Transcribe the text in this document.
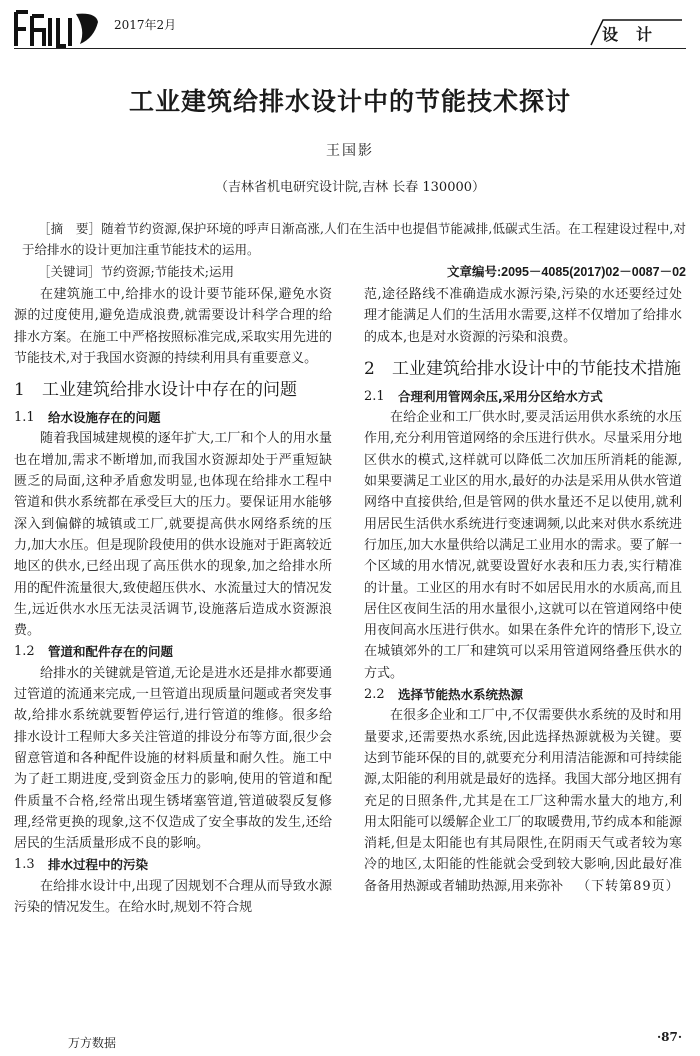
2017年2月	设计
工业建筑给排水设计中的节能技术探讨
王国影
（吉林省机电研究设计院,吉林 长春 130000）
［摘　要］随着节约资源,保护环境的呼声日渐高涨,人们在生活中也提倡节能减排,低碳式生活。在工程建设过程中,对于给排水的设计更加注重节能技术的运用。
［关键词］节约资源;节能技术;运用	文章编号:2095－4085(2017)02－0087－02

在建筑施工中,给排水的设计要节能环保,避免水资源的过度使用,避免造成浪费,就需要设计科学合理的给排水方案。在施工中严格按照标准完成,采取实用先进的节能技术,对于我国水资源的持续利用具有重要意义。

1	工业建筑给排水设计中存在的问题
1.1	给水设施存在的问题

随着我国城建规模的逐年扩大,工厂和个人的用水量也在增加,需求不断增加,而我国水资源却处于严重短缺匮乏的局面,这种矛盾愈发明显,也体现在给排水工程中管道和供水系统都在承受巨大的压力。要保证用水能够深入到偏僻的城镇或工厂,就要提高供水网络系统的压力,加大水压。但是现阶段使用的供水设施对于距离较近地区的供水,已经出现了高压供水的现象,加之给排水所用的配件流量很大,致使超压供水、水流量过大的情况发生,远近供水水压无法灵活调节,设施落后造成水资源浪费。

1.2	管道和配件存在的问题

给排水的关键就是管道,无论是进水还是排水都要通过管道的流通来完成,一旦管道出现质量问题或者突发事故,给排水系统就要暂停运行,进行管道的维修。很多给排水设计工程师大多关注管道的排设分布等方面,很少会留意管道和各种配件设施的材料质量和耐久性。施工中为了赶工期进度,受到资金压力的影响,使用的管道和配件质量不合格,经常出现生锈堵塞管道,管道破裂反复修理,经常更换的现象,这不仅造成了安全事故的发生,还给居民的生活质量形成不良的影响。

1.3	排水过程中的污染

在给排水设计中,出现了因规划不合理从而导致水源污染的情况发生。在给水时,规划不符合规

范,途径路线不准确造成水源污染,污染的水还要经过处理才能满足人们的生活用水需要,这样不仅增加了给排水的成本,也是对水资源的污染和浪费。

2	工业建筑给排水设计中的节能技术措施
2.1	合理利用管网余压,采用分区给水方式

在给企业和工厂供水时,要灵活运用供水系统的水压作用,充分利用管道网络的余压进行供水。尽量采用分地区供水的模式,这样就可以降低二次加压所消耗的能源,如果要满足工业区的用水,最好的办法是采用从供水管道网络中直接供给,但是管网的供水量还不足以使用,就利用居民生活供水系统进行变速调频,以此来对供水系统进行加压,加大水量供给以满足工业用水的需求。要了解一个区域的用水情况,就要设置好水表和压力表,实行精准的计量。工业区的用水有时不如居民用水的水质高,而且居住区夜间生活的用水量很小,这就可以在管道网络中使用夜间高水压进行供水。如果在条件允许的情形下,设立在城镇郊外的工厂和建筑可以采用管道网络叠压供水的方式。

2.2	选择节能热水系统热源

在很多企业和工厂中,不仅需要供水系统的及时和用量要求,还需要热水系统,因此选择热源就极为关键。要达到节能环保的目的,就要充分利用清洁能源和可持续能源,太阳能的利用就是最好的选择。我国大部分地区拥有充足的日照条件,尤其是在工厂这种需水量大的地方,利用太阳能可以缓解企业工厂的取暖费用,节约成本和能源消耗,但是太阳能也有其局限性,在阴雨天气或者较为寒冷的地区,太阳能的性能就会受到较大影响,因此最好准备备用热源或者辅助热源,用来弥补 （下转第89页）

万方数据	·87·
